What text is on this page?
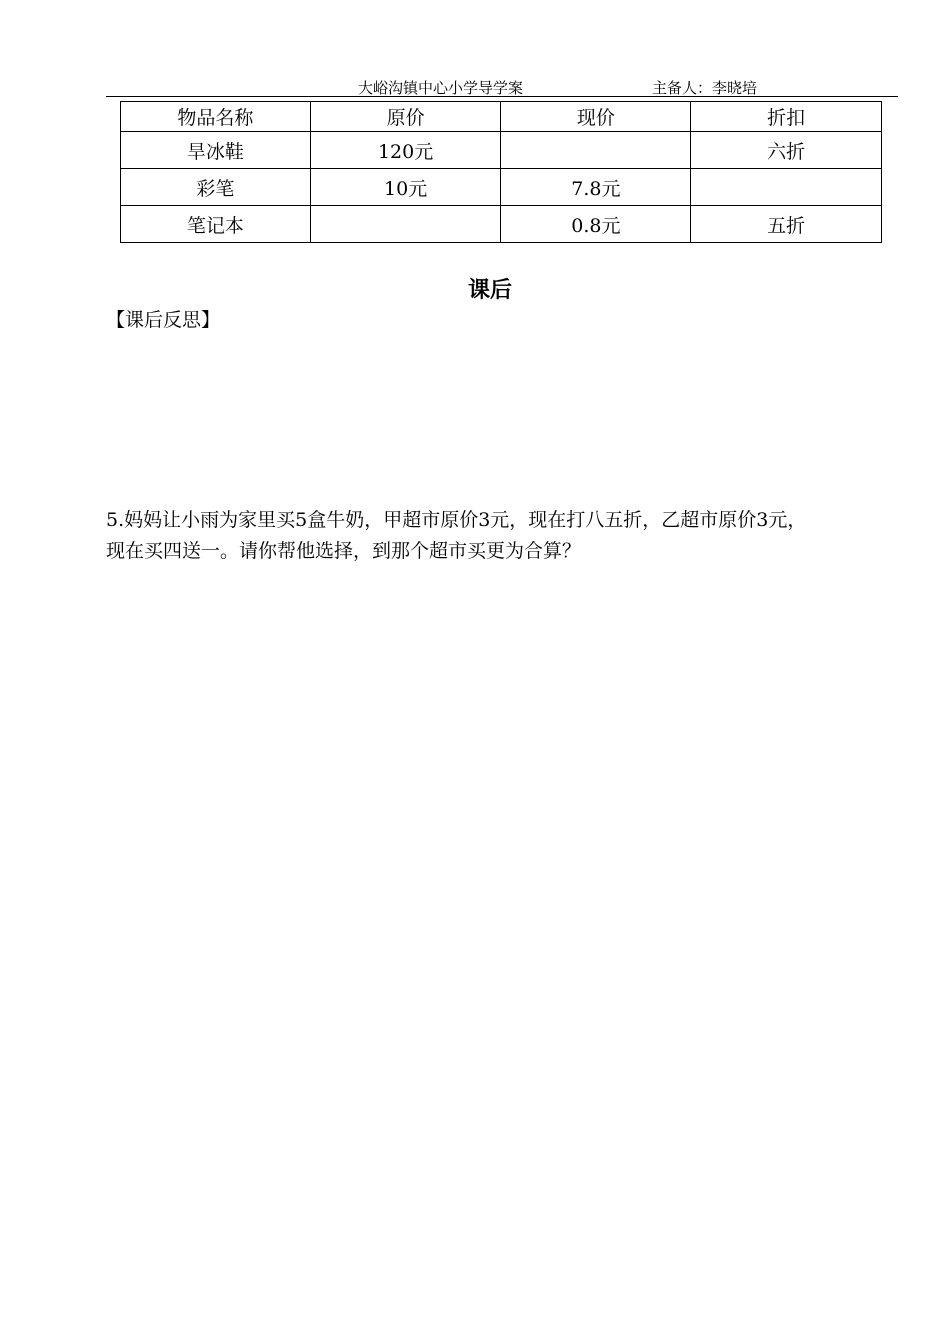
大峪沟镇中心小学导学案	主备人：李晓培
物品名称	原价	现价	折扣
旱冰鞋	120元		六折
彩笔	10元	7.8元	
笔记本		0.8元	五折
课后
【课后反思】

5.妈妈让小雨为家里买5盒牛奶，甲超市原价3元，现在打八五折，乙超市原价3元，

现在买四送一。请你帮他选择，到那个超市买更为合算？
